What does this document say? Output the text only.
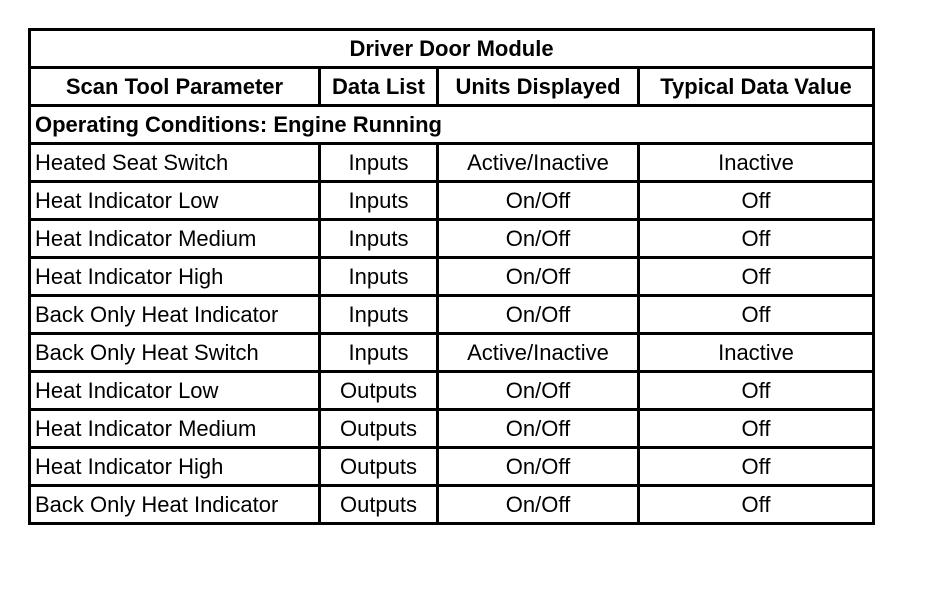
Driver Door Module			
Scan Tool Parameter	Data List	Units Displayed	Typical Data Value
Operating Conditions: Engine Running			
Heated Seat Switch	Inputs	Active/Inactive	Inactive
Heat Indicator Low	Inputs	On/Off	Off
Heat Indicator Medium	Inputs	On/Off	Off
Heat Indicator High	Inputs	On/Off	Off
Back Only Heat Indicator	Inputs	On/Off	Off
Back Only Heat Switch	Inputs	Active/Inactive	Inactive
Heat Indicator Low	Outputs	On/Off	Off
Heat Indicator Medium	Outputs	On/Off	Off
Heat Indicator High	Outputs	On/Off	Off
Back Only Heat Indicator	Outputs	On/Off	Off
